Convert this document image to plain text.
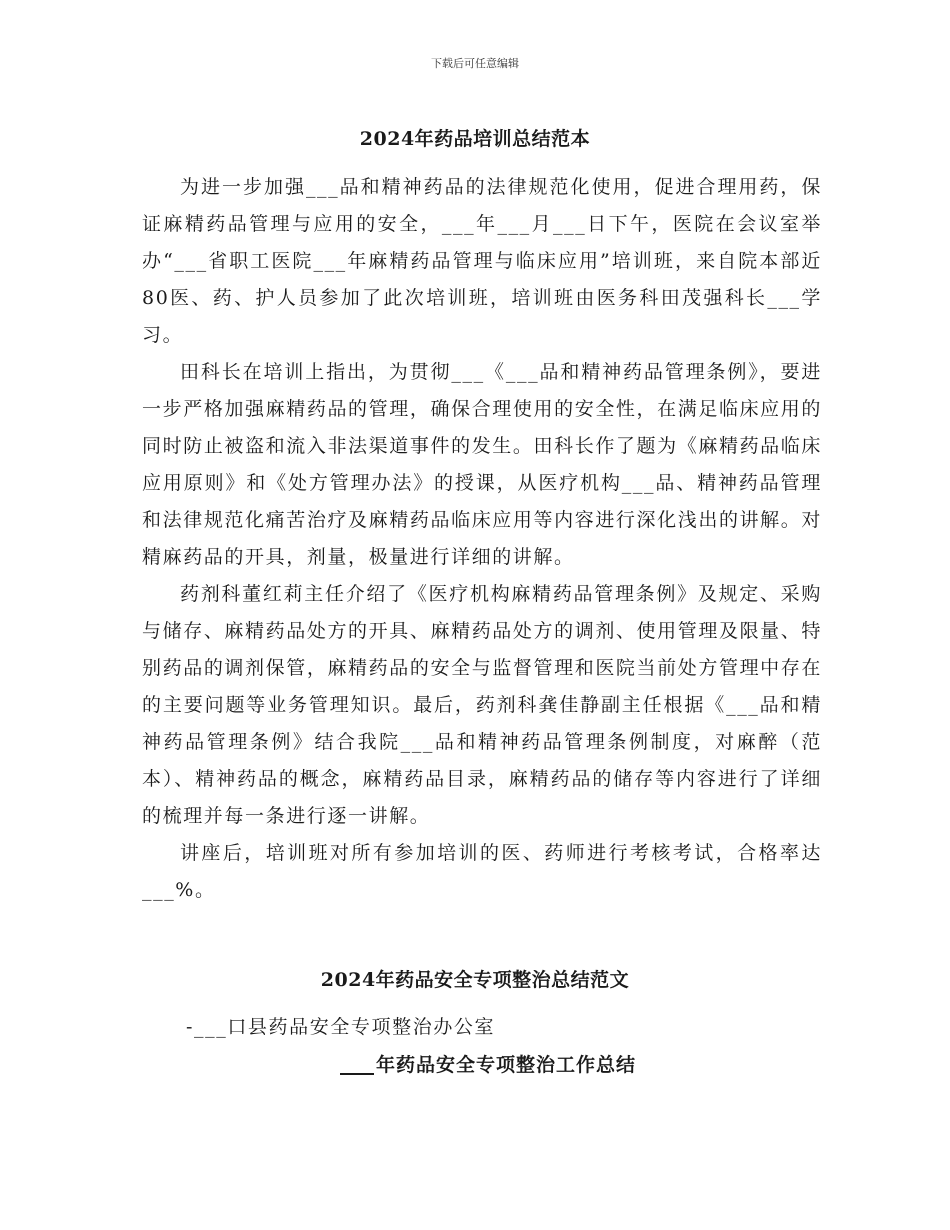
下载后可任意编辑
2024年药品培训总结范本

为进一步加强___品和精神药品的法律规范化使用，促进合理用药，保证麻精药品管理与应用的安全，___年___月___日下午，医院在会议室举办“___省职工医院___年麻精药品管理与临床应用”培训班，来自院本部近80医、药、护人员参加了此次培训班，培训班由医务科田茂强科长___学习。

田科长在培训上指出，为贯彻___《___品和精神药品管理条例》，要进一步严格加强麻精药品的管理，确保合理使用的安全性，在满足临床应用的同时防止被盗和流入非法渠道事件的发生。田科长作了题为《麻精药品临床应用原则》和《处方管理办法》的授课，从医疗机构___品、精神药品管理和法律规范化痛苦治疗及麻精药品临床应用等内容进行深化浅出的讲解。对精麻药品的开具，剂量，极量进行详细的讲解。

药剂科董红莉主任介绍了《医疗机构麻精药品管理条例》及规定、采购与储存、麻精药品处方的开具、麻精药品处方的调剂、使用管理及限量、特别药品的调剂保管，麻精药品的安全与监督管理和医院当前处方管理中存在的主要问题等业务管理知识。最后，药剂科龚佳静副主任根据《___品和精神药品管理条例》结合我院___品和精神药品管理条例制度，对麻醉（范本）、精神药品的概念，麻精药品目录，麻精药品的储存等内容进行了详细的梳理并每一条进行逐一讲解。

讲座后，培训班对所有参加培训的医、药师进行考核考试，合格率达___%。

2024年药品安全专项整治总结范文
-___口县药品安全专项整治办公室
年药品安全专项整治工作总结
